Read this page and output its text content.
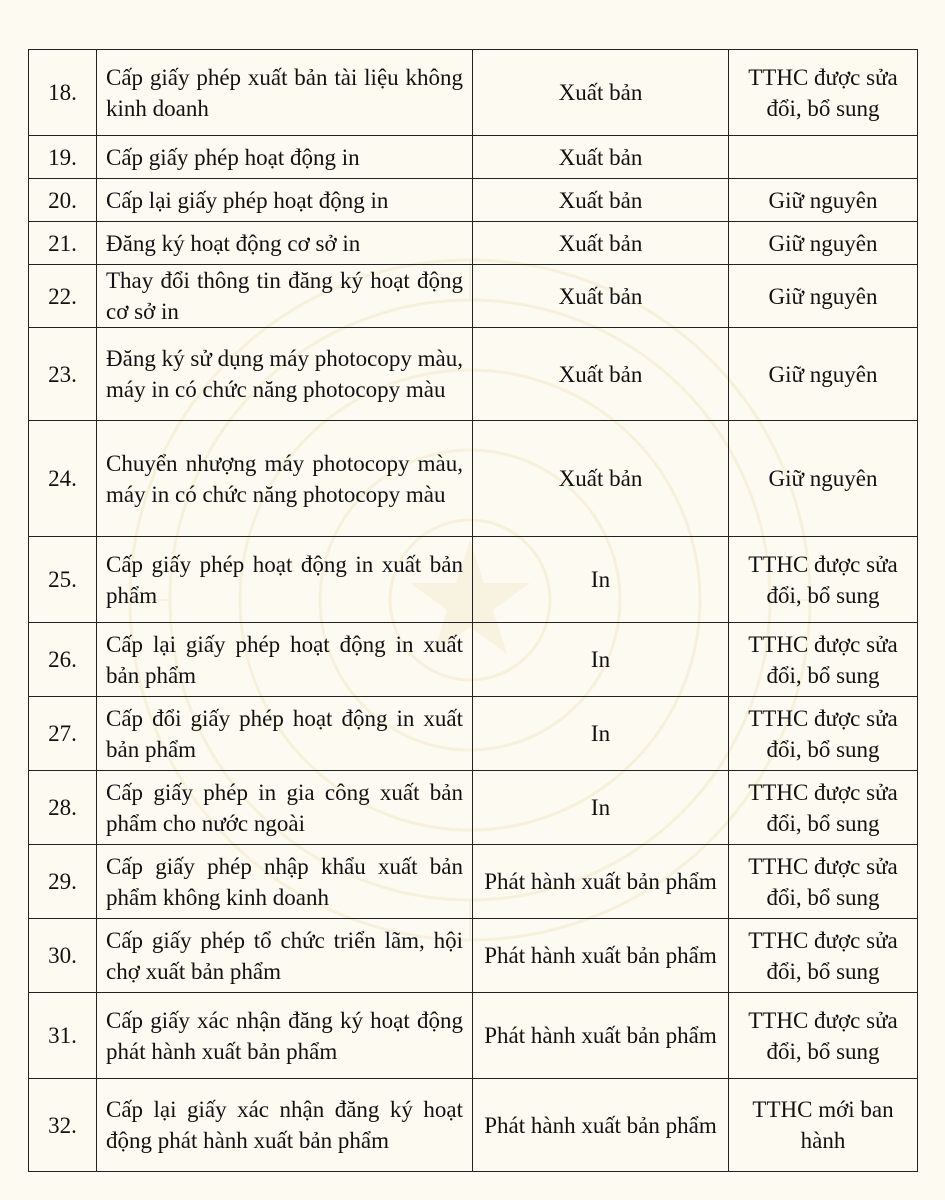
18.	Cấp giấy phép xuất bản tài liệu không kinh doanh	Xuất bản	TTHC được sửa đổi, bổ sung
19.	Cấp giấy phép hoạt động in	Xuất bản	
20.	Cấp lại giấy phép hoạt động in	Xuất bản	Giữ nguyên
21.	Đăng ký hoạt động cơ sở in	Xuất bản	Giữ nguyên
22.	Thay đổi thông tin đăng ký hoạt động cơ sở in	Xuất bản	Giữ nguyên
23.	Đăng ký sử dụng máy photocopy màu, máy in có chức năng photocopy màu	Xuất bản	Giữ nguyên
24.	Chuyển nhượng máy photocopy màu, máy in có chức năng photocopy màu	Xuất bản	Giữ nguyên
25.	Cấp giấy phép hoạt động in xuất bản phẩm	In	TTHC được sửa đổi, bổ sung
26.	Cấp lại giấy phép hoạt động in xuất bản phẩm	In	TTHC được sửa đổi, bổ sung
27.	Cấp đổi giấy phép hoạt động in xuất bản phẩm	In	TTHC được sửa đổi, bổ sung
28.	Cấp giấy phép in gia công xuất bản phẩm cho nước ngoài	In	TTHC được sửa đổi, bổ sung
29.	Cấp giấy phép nhập khẩu xuất bản phẩm không kinh doanh	Phát hành xuất bản phẩm	TTHC được sửa đổi, bổ sung
30.	Cấp giấy phép tổ chức triển lãm, hội chợ xuất bản phẩm	Phát hành xuất bản phẩm	TTHC được sửa đổi, bổ sung
31.	Cấp giấy xác nhận đăng ký hoạt động phát hành xuất bản phẩm	Phát hành xuất bản phẩm	TTHC được sửa đổi, bổ sung
32.	Cấp lại giấy xác nhận đăng ký hoạt động phát hành xuất bản phẩm	Phát hành xuất bản phẩm	TTHC mới ban hành
